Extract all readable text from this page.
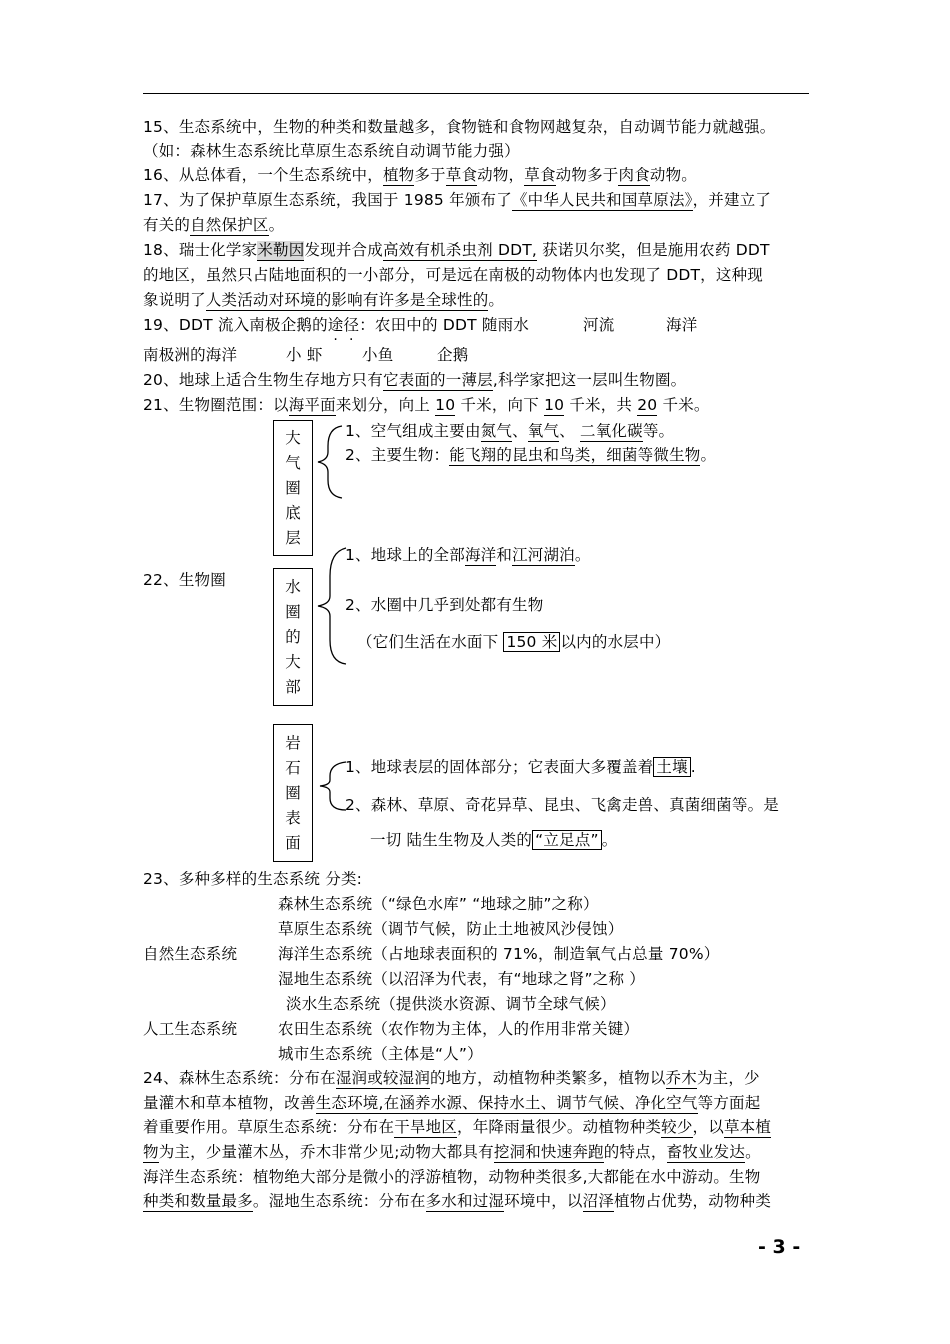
15、生态系统中，生物的种类和数量越多，食物链和食物网越复杂，自动调节能力就越强。
（如：森林生态系统比草原生态系统自动调节能力强）
16、从总体看，一个生态系统中，植物多于草食动物，草食动物多于肉食动物。
17、为了保护草原生态系统，我国于 1985 年颁布了《中华人民共和国草原法》，并建立了
有关的自然保护区。
18、瑞士化学家米勒因发现并合成高效有机杀虫剂 DDT, 获诺贝尔奖，但是施用农药 DDT
的地区，虽然只占陆地面积的一小部分，可是远在南极的动物体内也发现了 DDT，这种现
象说明了人类活动对环境的影响有许多是全球性的。
19、DDT 流入南极企鹅的途径：农田中的 DDT 随雨水	河流	海洋
南极洲的海洋	小 虾	小鱼	企鹅
20、地球上适合生物生存地方只有它表面的一薄层,科学家把这一层叫生物圈。
21、生物圈范围：以海平面来划分，向上 10 千米，向下 10 千米，共 20 千米。
22、生物圈
大
气
圈
底
层
1、空气组成主要由氮气、氧气、 二氧化碳等。
2、主要生物：能飞翔的昆虫和鸟类，细菌等微生物。
水
圈
的
大
部
1、地球上的全部海洋和江河湖泊。
2、水圈中几乎到处都有生物
（它们生活在水面下 150 米 以内的水层中）
岩
石
圈
表
面
1、地球表层的固体部分；它表面大多覆盖着 土壤 .
2、森林、草原、奇花异草、昆虫、飞禽走兽、真菌细菌等。是
一切 陆生生物及人类的 “立足点” 。
23、多种多样的生态系统 分类:
森林生态系统（“绿色水库” “地球之肺”之称）
草原生态系统（调节气候，防止土地被风沙侵蚀）
自然生态系统	海洋生态系统（占地球表面积的 71%，制造氧气占总量 70%）
湿地生态系统（以沼泽为代表，有“地球之肾”之称 ）
淡水生态系统（提供淡水资源、调节全球气候）
人工生态系统	农田生态系统（农作物为主体，人的作用非常关键）
城市生态系统（主体是“人”）
24、森林生态系统：分布在湿润或较湿润的地方，动植物种类繁多，植物以乔木为主，少
量灌木和草本植物，改善生态环境,在涵养水源、保持水土、调节气候、净化空气等方面起
着重要作用。草原生态系统：分布在干旱地区，年降雨量很少。动植物种类较少，以草本植
物为主，少量灌木丛，乔木非常少见;动物大都具有挖洞和快速奔跑的特点，畜牧业发达。
海洋生态系统：植物绝大部分是微小的浮游植物，动物种类很多,大都能在水中游动。生物
种类和数量最多。湿地生态系统：分布在多水和过湿环境中，以沼泽植物占优势，动物种类
- 3 -
